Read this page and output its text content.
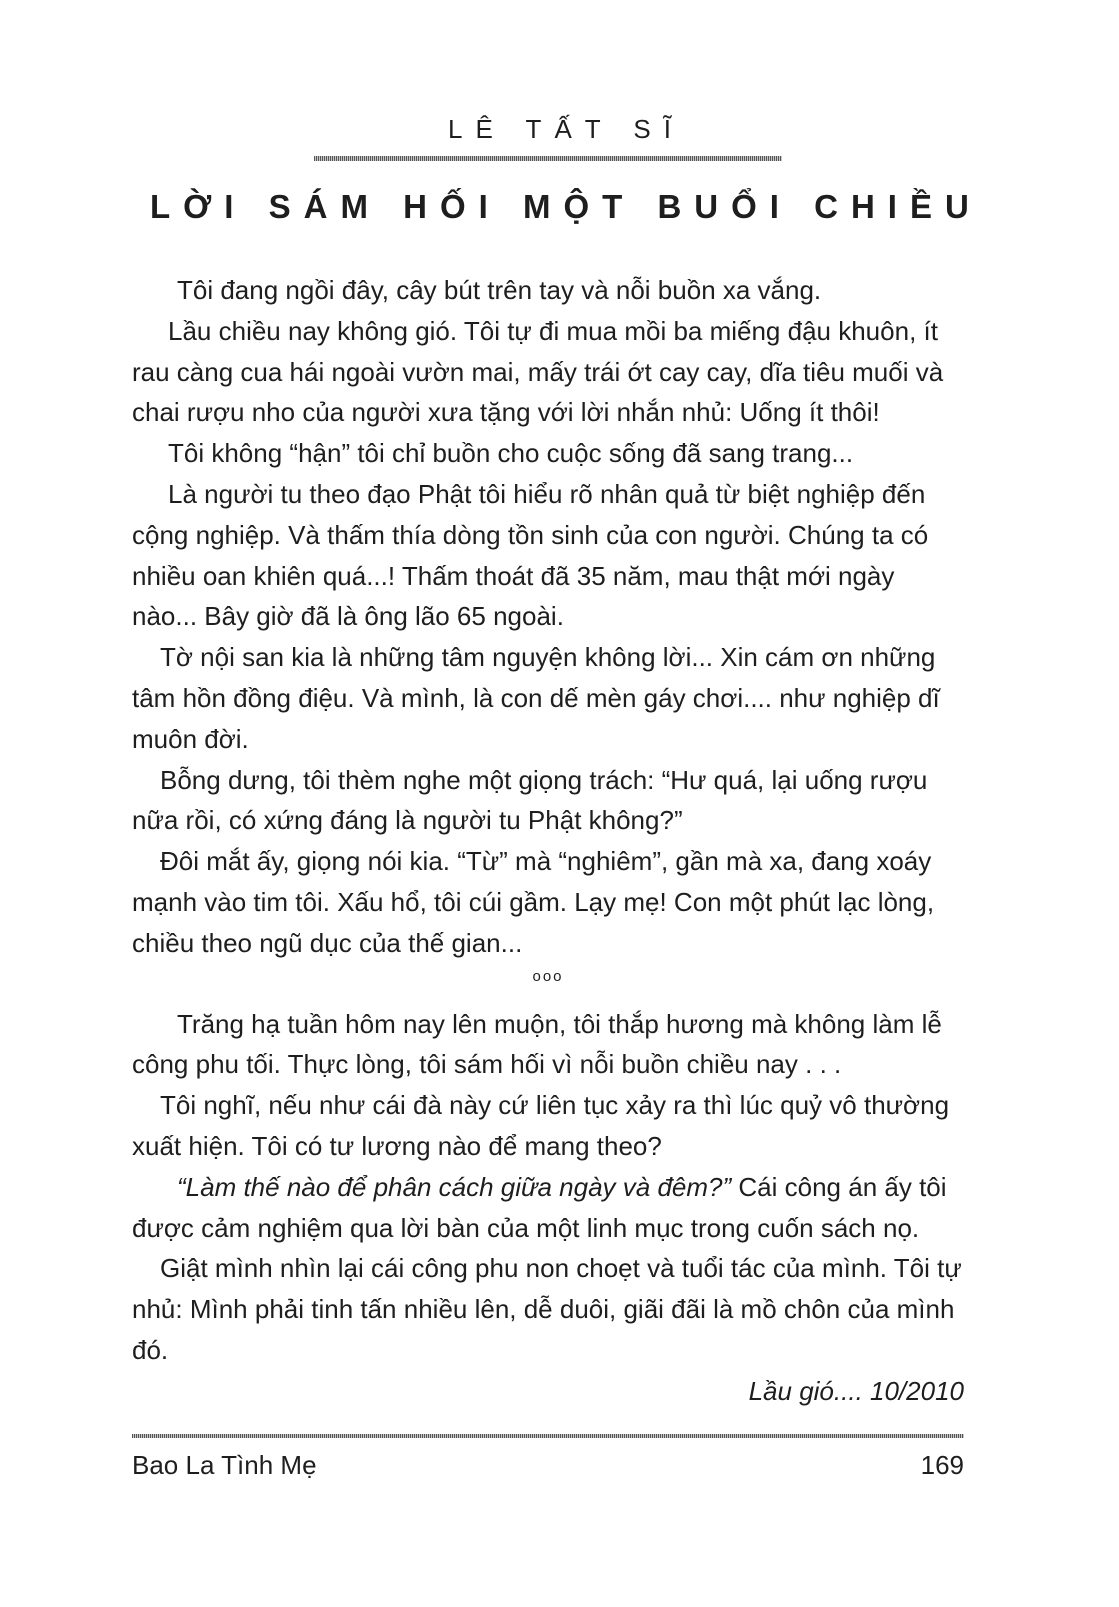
LÊ TẤT SĨ
LỜI SÁM HỐI MỘT BUỔI CHIỀU

Tôi đang ngồi đây, cây bút trên tay và nỗi buồn xa vắng.

Lầu chiều nay không gió. Tôi tự đi mua mồi ba miếng đậu khuôn, ít rau càng cua hái ngoài vườn mai, mấy trái ớt cay cay, dĩa tiêu muối và chai rượu nho của người xưa tặng với lời nhắn nhủ: Uống ít thôi!

Tôi không “hận” tôi chỉ buồn cho cuộc sống đã sang trang...

Là người tu theo đạo Phật tôi hiểu rõ nhân quả từ biệt nghiệp đến cộng nghiệp. Và thấm thía dòng tồn sinh của con người. Chúng ta có nhiều oan khiên quá...! Thấm thoát đã 35 năm, mau thật mới ngày nào... Bây giờ đã là ông lão 65 ngoài.

Tờ nội san kia là những tâm nguyện không lời... Xin cám ơn những tâm hồn đồng điệu. Và mình, là con dế mèn gáy chơi.... như nghiệp dĩ muôn đời.

Bỗng dưng, tôi thèm nghe một giọng trách: “Hư quá, lại uống rượu nữa rồi, có xứng đáng là người tu Phật không?”

Đôi mắt ấy, giọng nói kia. “Từ” mà “nghiêm”, gần mà xa, đang xoáy mạnh vào tim tôi. Xấu hổ, tôi cúi gầm. Lạy mẹ! Con một phút lạc lòng, chiều theo ngũ dục của thế gian...

ooo

Trăng hạ tuần hôm nay lên muộn, tôi thắp hương mà không làm lễ công phu tối. Thực lòng, tôi sám hối vì nỗi buồn chiều nay . . .

Tôi nghĩ, nếu như cái đà này cứ liên tục xảy ra thì lúc quỷ vô thường xuất hiện. Tôi có tư lương nào để mang theo?

“Làm thế nào để phân cách giữa ngày và đêm?” Cái công án ấy tôi được cảm nghiệm qua lời bàn của một linh mục trong cuốn sách nọ.

Giật mình nhìn lại cái công phu non choẹt và tuổi tác của mình. Tôi tự nhủ: Mình phải tinh tấn nhiều lên, dễ duôi, giãi đãi là mồ chôn của mình đó.

Lầu gió.... 10/2010

Bao La Tình Mẹ	169
